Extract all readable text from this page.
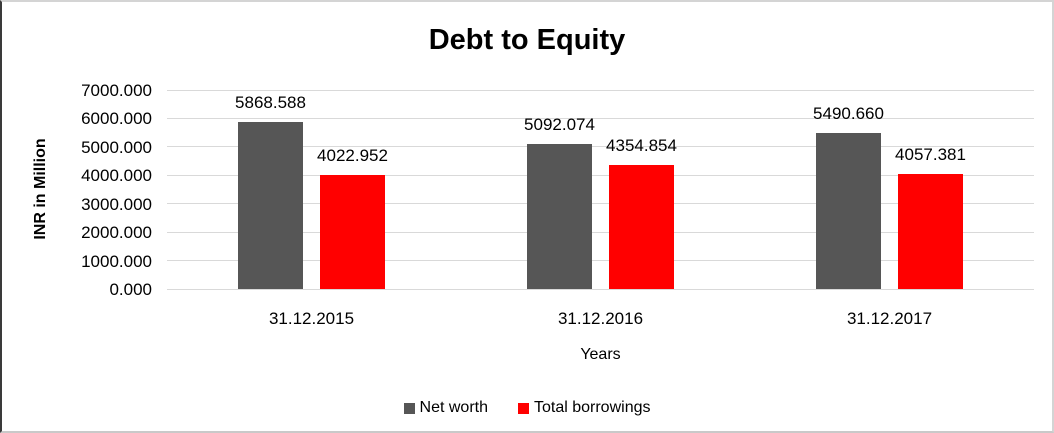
Debt to Equity
INR in Million
5868.588
4022.952
5092.074
4354.854
5490.660
4057.381
0.000
1000.000
2000.000
3000.000
4000.000
5000.000
6000.000
7000.000
31.12.2015	31.12.2016	31.12.2017
Years
Net worth	Total borrowings
